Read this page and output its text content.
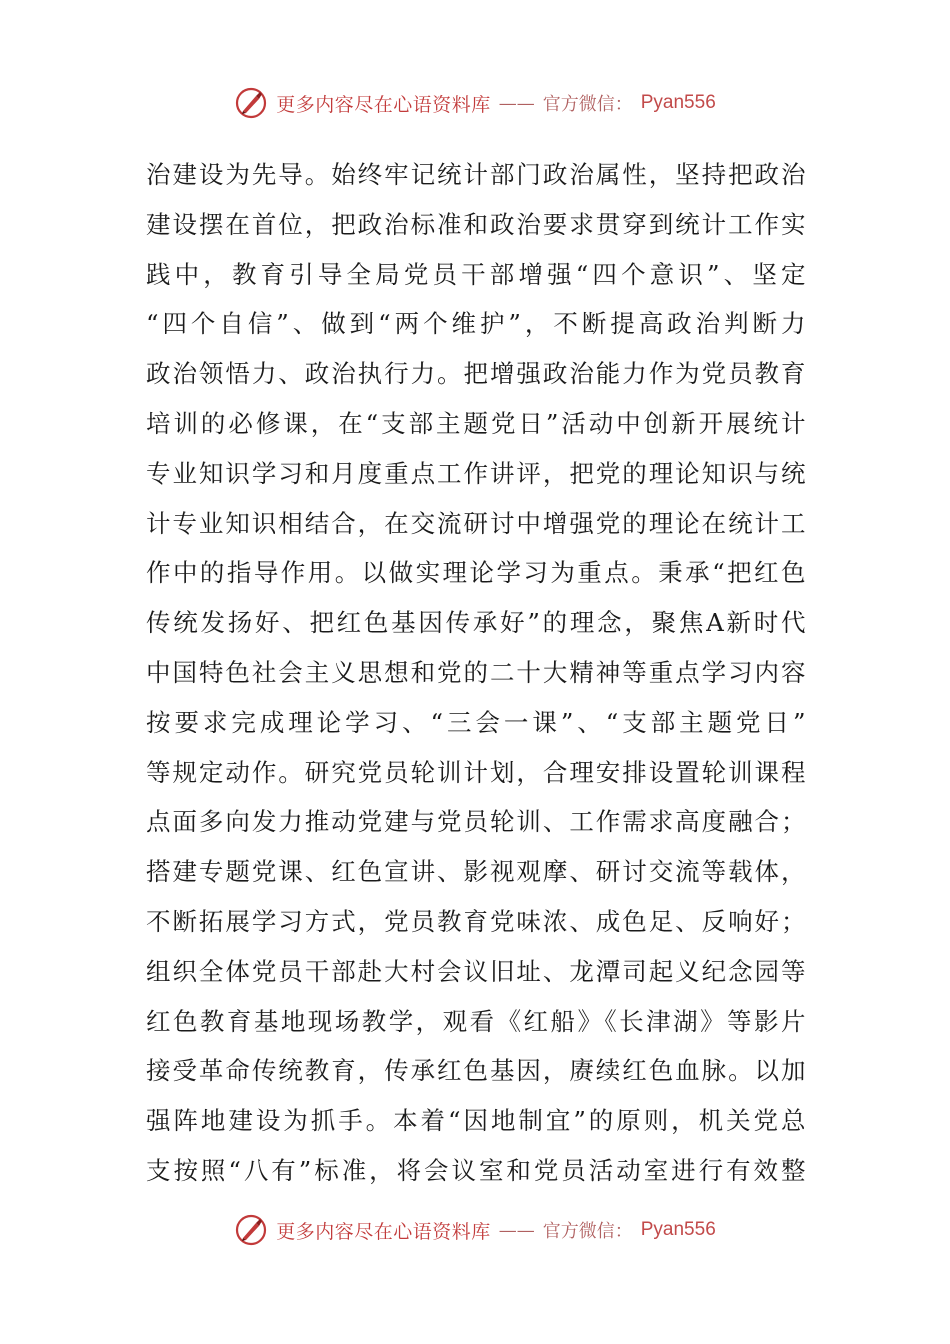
更多内容尽在心语资料库 —— 官方微信： Pyan556
治建设为先导。始终牢记统计部门政治属性，坚持把政治
建设摆在首位，把政治标准和政治要求贯穿到统计工作实
践中，教育引导全局党员干部增强“四个意识”、坚定
“四个自信”、做到“两个维护”，不断提高政治判断力
政治领悟力、政治执行力。把增强政治能力作为党员教育
培训的必修课，在“支部主题党日”活动中创新开展统计
专业知识学习和月度重点工作讲评，把党的理论知识与统
计专业知识相结合，在交流研讨中增强党的理论在统计工
作中的指导作用。以做实理论学习为重点。秉承“把红色
传统发扬好、把红色基因传承好”的理念，聚焦A新时代
中国特色社会主义思想和党的二十大精神等重点学习内容
按要求完成理论学习、“三会一课”、“支部主题党日”
等规定动作。研究党员轮训计划，合理安排设置轮训课程
点面多向发力推动党建与党员轮训、工作需求高度融合；
搭建专题党课、红色宣讲、影视观摩、研讨交流等载体，
不断拓展学习方式，党员教育党味浓、成色足、反响好；
组织全体党员干部赴大村会议旧址、龙潭司起义纪念园等
红色教育基地现场教学，观看《红船》《长津湖》等影片
接受革命传统教育，传承红色基因，赓续红色血脉。以加
强阵地建设为抓手。本着“因地制宜”的原则，机关党总
支按照“八有”标准，将会议室和党员活动室进行有效整
更多内容尽在心语资料库 —— 官方微信： Pyan556
